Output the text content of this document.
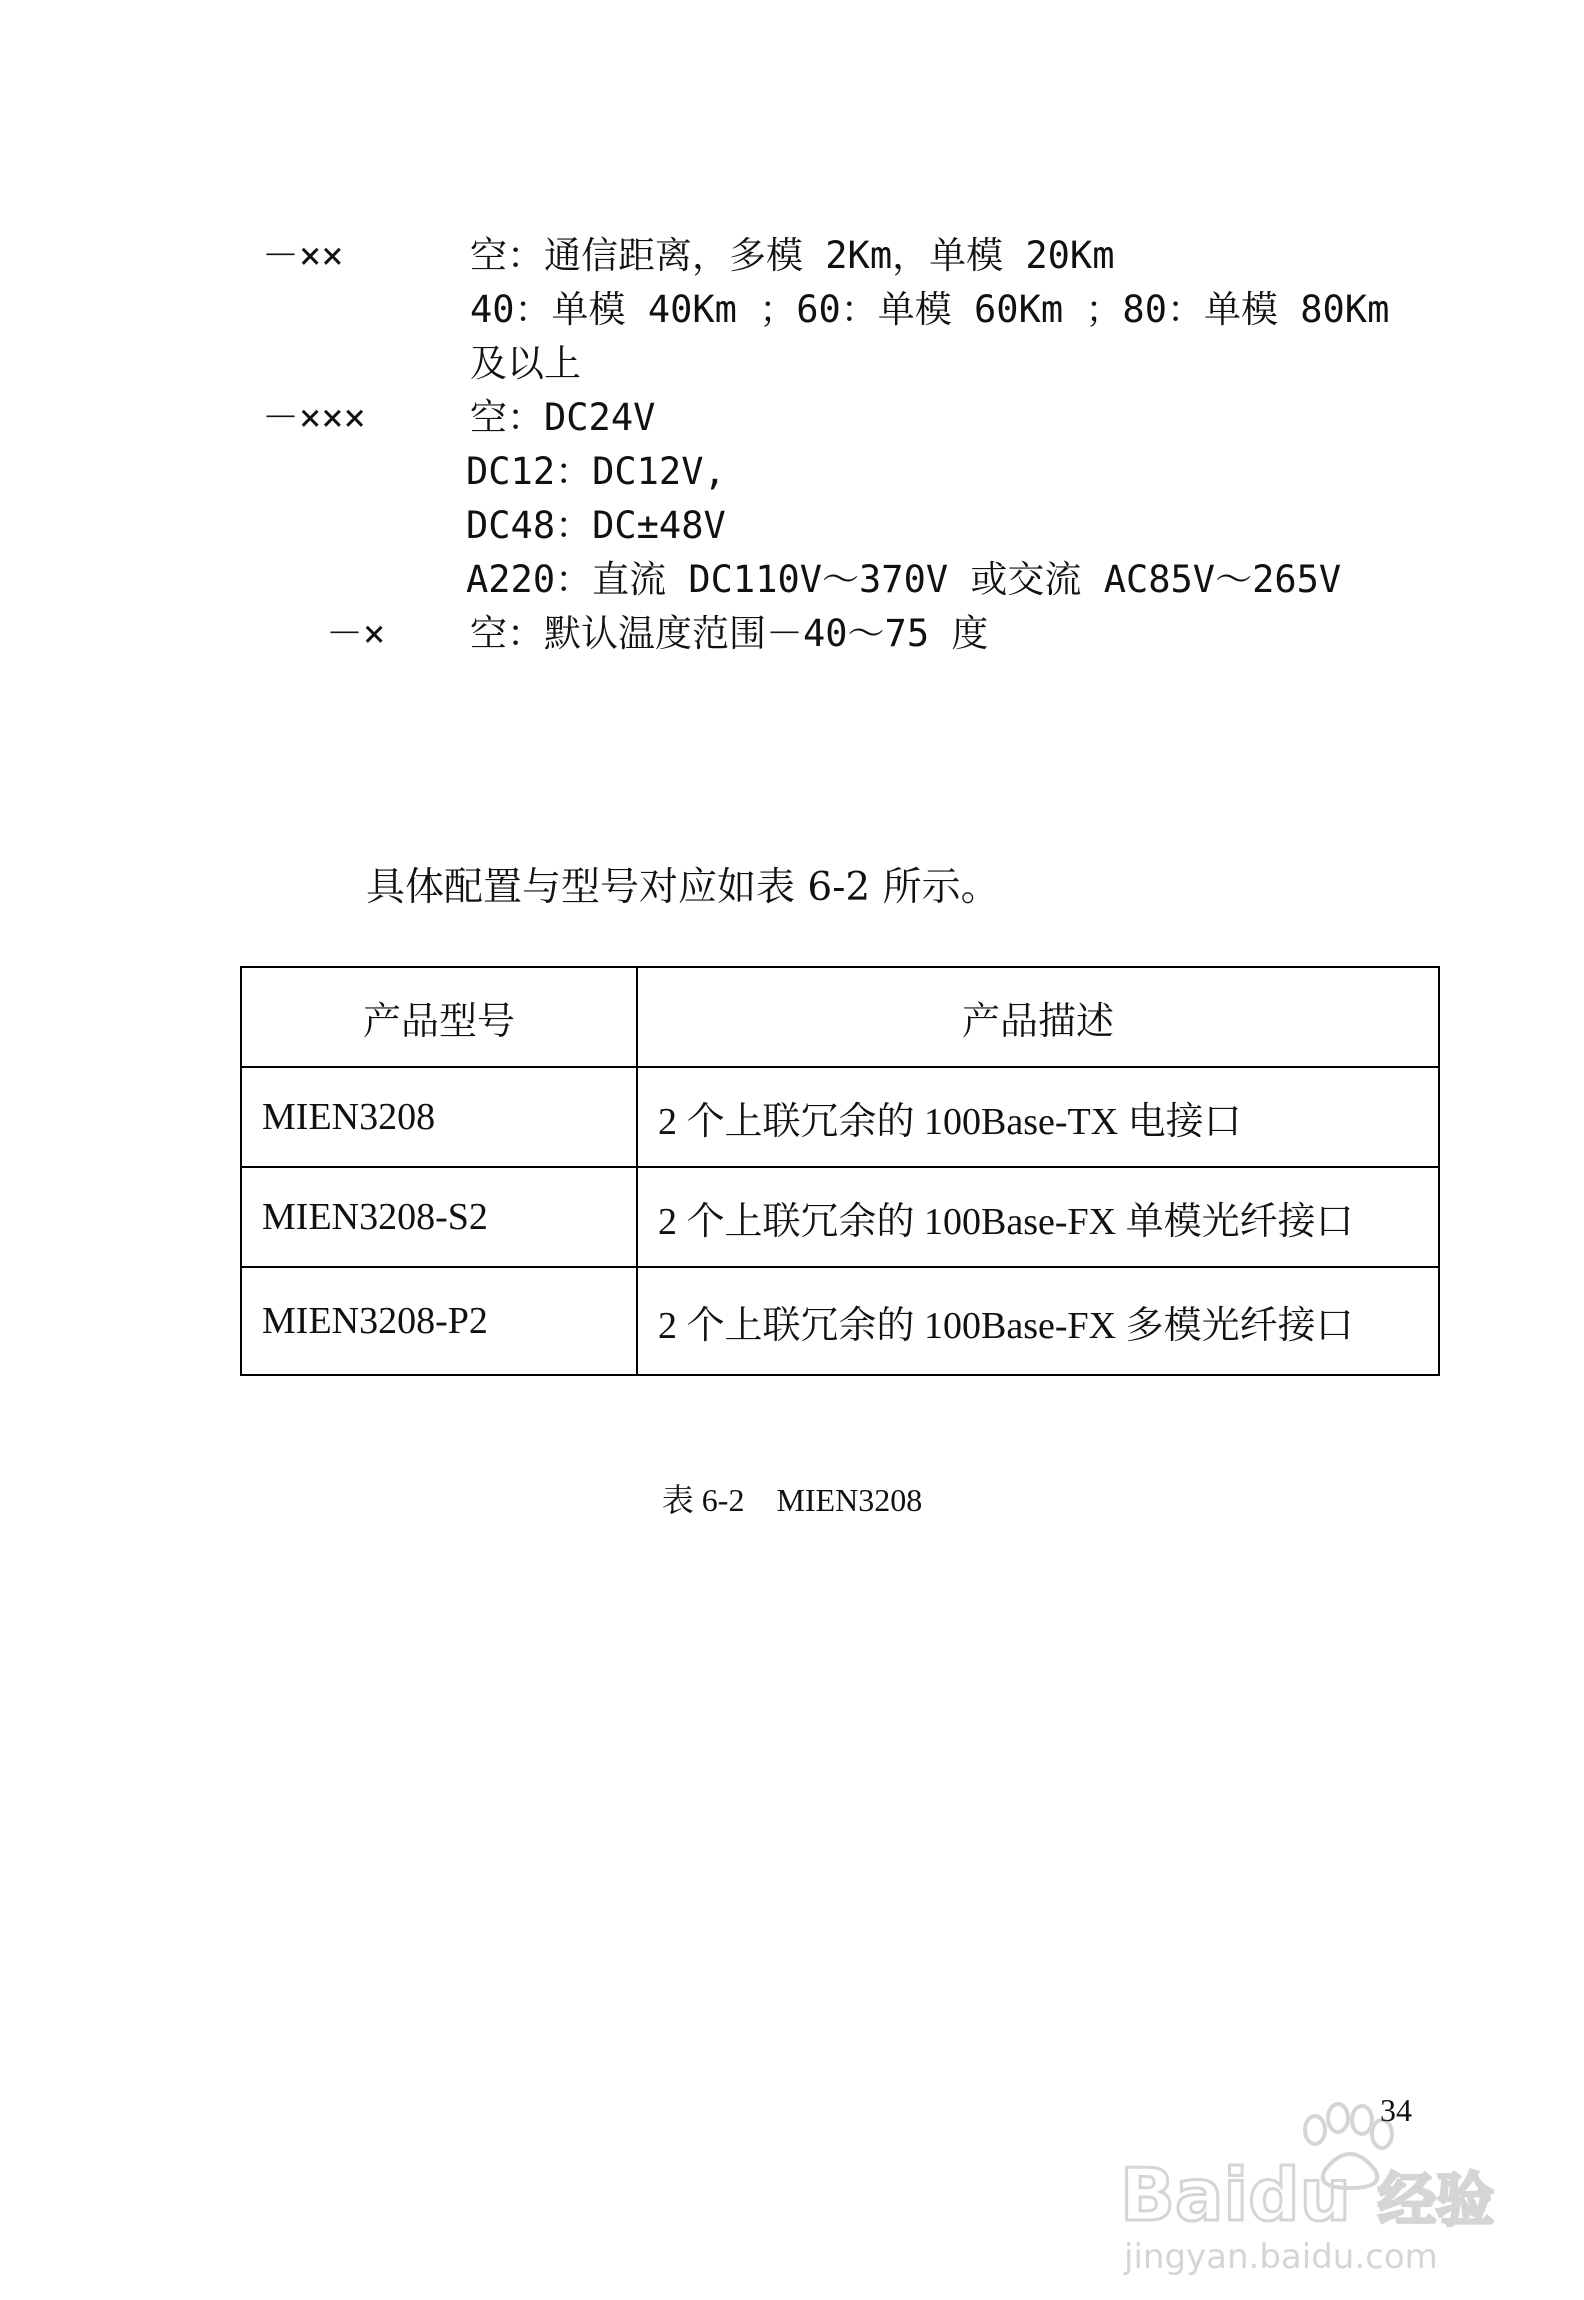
－××	空：通信距离，多模 2Km，单模 20Km
40：单模 40Km ；60：单模 60Km ；80：单模 80Km
及以上
－×××	空：DC24V
DC12：DC12V,
DC48：DC±48V
A220：直流 DC110V～370V 或交流 AC85V～265V
－× 空：默认温度范围－40～75 度
具体配置与型号对应如表 6-2 所示。
产品型号	产品描述
MIEN3208	2 个上联冗余的 100Base-TX 电接口
MIEN3208-S2	2 个上联冗余的 100Base-FX 单模光纤接口
MIEN3208-P2	2 个上联冗余的 100Base-FX 多模光纤接口
表 6-2    MIEN3208
34
Baidu 经验
jingyan.baidu.com
